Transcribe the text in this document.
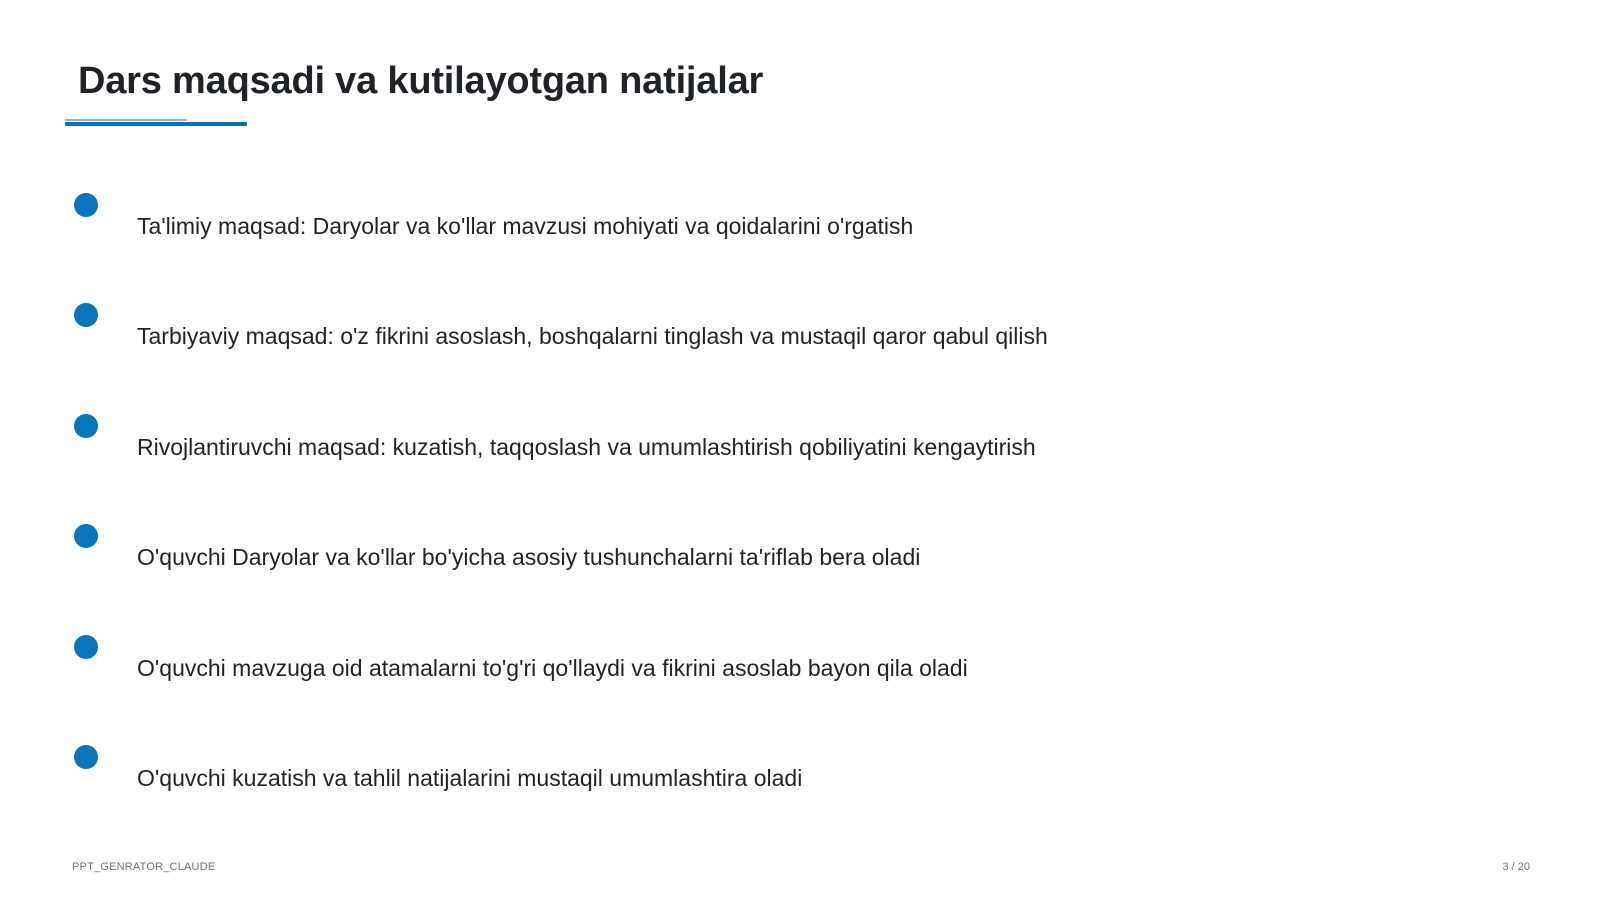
Dars maqsadi va kutilayotgan natijalar
Ta'limiy maqsad: Daryolar va ko'llar mavzusi mohiyati va qoidalarini o'rgatish
Tarbiyaviy maqsad: o'z fikrini asoslash, boshqalarni tinglash va mustaqil qaror qabul qilish
Rivojlantiruvchi maqsad: kuzatish, taqqoslash va umumlashtirish qobiliyatini kengaytirish
O'quvchi Daryolar va ko'llar bo'yicha asosiy tushunchalarni ta'riflab bera oladi
O'quvchi mavzuga oid atamalarni to'g'ri qo'llaydi va fikrini asoslab bayon qila oladi
O'quvchi kuzatish va tahlil natijalarini mustaqil umumlashtira oladi
PPT_GENRATOR_CLAUDE	3 / 20
